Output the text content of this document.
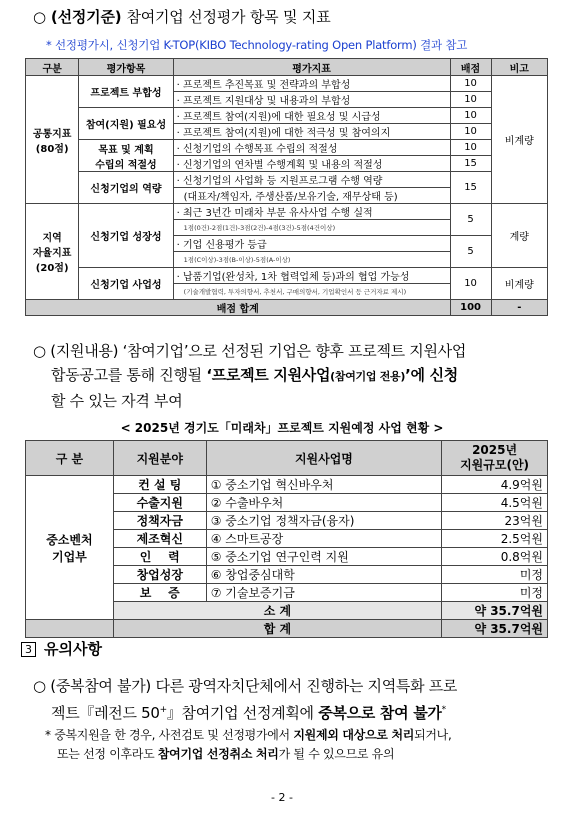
○ (선정기준) 참여기업 선정평가 항목 및 지표
* 선정평가시, 신청기업 K-TOP(KIBO Technology-rating Open Platform) 결과 참고
구분	평가항목	평가지표	배점	비고
공통지표
(80점)	프로젝트 부합성	· 프로젝트 추진목표 및 전략과의 부합성	10	비계량
		· 프로젝트 지원대상 및 내용과의 부합성	10	
	참여(지원) 필요성	· 프로젝트 참여(지원)에 대한 필요성 및 시급성	10	
		· 프로젝트 참여(지원)에 대한 적극성 및 참여의지	10	
	목표 및 계획
수립의 적절성	· 신청기업의 수행목표 수립의 적절성	10	
		· 신청기업의 연차별 수행계획 및 내용의 적절성	15	
	신청기업의 역량	· 신청기업의 사업화 등 지원프로그램 수행 역량	15	
		(대표자/책임자, 주생산품/보유기술, 재무상태 등)		
지역
자율지표
(20점)	신청기업 성장성	· 최근 3년간 미래차 부문 유사사업 수행 실적	5	계량
		1점(0건)-2점(1건)-3점(2건)-4점(3건)-5점(4건이상)		
		· 기업 신용평가 등급	5	
		1점(C이상)-3점(B-이상)-5점(A-이상)		
	신청기업 사업성	· 납품기업(완성차, 1차 협력업체 등)과의 협업 가능성	10	비계량
		(기술개발협력, 투자의향서, 추천서, 구매의향서, 기업확인서 등 근거자료 제시)		
배점 합계			100	-
○ (지원내용) ‘참여기업’으로 선정된 기업은 향후 프로젝트 지원사업
합동공고를 통해 진행될 ‘프로젝트 지원사업(참여기업 전용)’에 신청
할 수 있는 자격 부여
< 2025년 경기도「미래차」프로젝트 지원예정 사업 현황 >
구 분	지원분야	지원사업명	2025년
지원규모(안)
중소벤처
기업부	컨 설 팅	① 중소기업 혁신바우처	4.9억원
	수출지원	② 수출바우처	4.5억원
	정책자금	③ 중소기업 정책자금(융자)	23억원
	제조혁신	④ 스마트공장	2.5억원
	인    력	⑤ 중소기업 연구인력 지원	0.8억원
	창업성장	⑥ 창업중심대학	미정
	보    증	⑦ 기술보증기금	미정
	소 계		약 35.7억원
	합 계		약 35.7억원
3 유의사항
○ (중복참여 불가) 다른 광역자치단체에서 진행하는 지역특화 프로
젝트『레전드 50+』참여기업 선정계획에 중복으로 참여 불가*
* 중복지원을 한 경우, 사전검토 및 선정평가에서 지원제외 대상으로 처리되거나,
또는 선정 이후라도 참여기업 선정취소 처리가 될 수 있으므로 유의
- 2 -
